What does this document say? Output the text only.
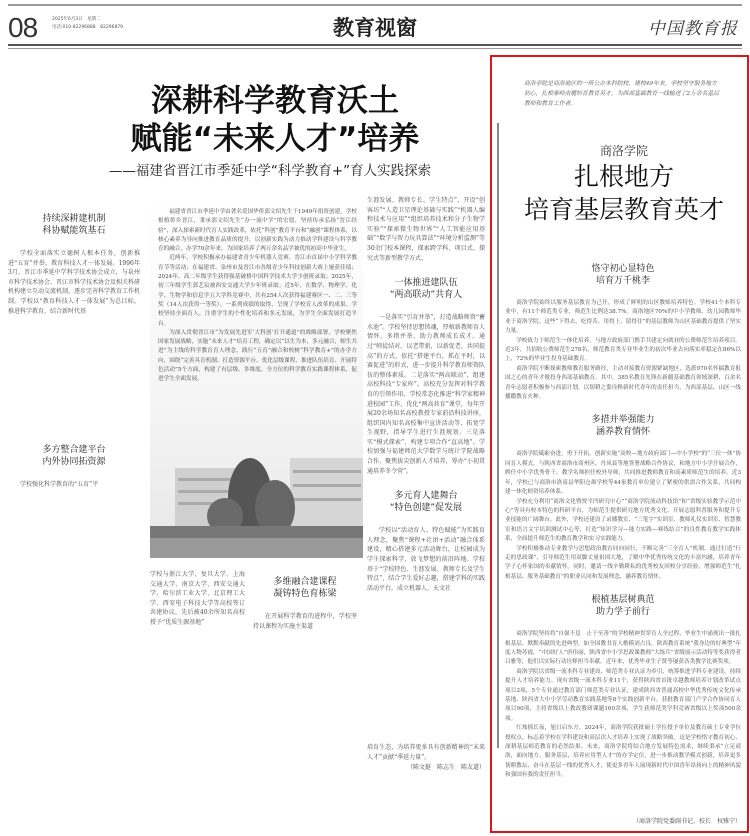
08	2025年6月3日　星期二
电话:010-82296888　82296879	教育视窗	中国教育报
深耕科学教育沃土
赋能“未来人才”培养
——福建省晋江市季延中学“科学教育+”育人实践探索
持续深耕建机制
科协赋能筑基石

学校全面落实立德树人根本任务，创新推进“五育”并举，教育科技人才一体发展。1996年3月，晋江市季延中学科学技术协会成立，与泉州市科学技术协会、晋江市科学技术协会及相关科研机构建立互动交流机制，逐步完善科学教育工作机制。学校以“教育科技人才一体发展”为总目标，推进科学教育，结合新时代基

多方整合建平台
内外协同拓资源

学校强化科学教育的“五育”平

福建省晋江市季延中学由著名爱国华侨郭文绍先生于1949年捐资创建。学校根植侨乡晋江，秉承郭文绍先生“办一流中学”的宏愿，坚持传承弘扬“晋江经验”，深入探索新时代育人实践改革，依托“科创”教育平台和“融创”课程体系，以核心素养为导向推进教育品质的提升，以创新实践为动力推动学科建设与科学教育的融合，办学70余年来，为国家培养了两万余名品学兼优的初高中毕业生。

近两年，学校积极承办福建省青少年机器人竞赛、晋江市首届中小学科学教育节等活动；在福建省、泉州市及晋江市各级青少年科技创新大赛上屡获佳绩；2024年，高二年级学生获得强基破格中国科学技术大学少创班录取；2025年，初三年级学生郭艺宸被西安交通大学少年班录取；近5年，在数学、物理学、化学、生物学和信息学五大学科竞赛中，共有254人次获得福建赛区一、二、三等奖（14人次获得一等奖）。一系列成绩的取得，呈现了学校育人改革的成果。学校坚持全面育人，注重学生的个性化培养和多元发展，为学生全面发展打造平台。

为深入贯彻晋江市“为发展先进军‘大科创’打开通道”的战略部署，学校聚焦国家发展战略，实施“未来人才”培育工程，确定以“以生为本，多元融合，师生共进”为主线的科学教育育人理念，践行“五育”融合和校树“科学教育+”的办学方向，围绕“完善具育机制、打造资源平台、优化层级课程、推进队伍培育、开展特色活动”5个方面，构建了有层级、多维度、全方位的科学教育实践课程体系，促进学生全面发展。

生涯发展、教师专长、学生特点”，开设“创客坊”“人造卫星理论基础与实践”“机器人编程技术与应用”“组织培养技术和分子生物学实验”“探索微生物世界”“人工智能应用基础”“数学与智力玩具算法”“环境分析监测”等30余门校本课程，探索跨学科、项目式、探究式等新型教学方式。

一体推进建队伍
“两高联动”共育人

一是落实“引育并举”，打造战略师资“蓄水池”。学校坚持思想铸魂，厚植新教师育人情怀，多措并举，助力教师成长成才。通过“师徒结对、以老带新，以新促老，共同提高”的方式，依托“搭建平台，抓在平时，以赛促进”的形式，进一步提升科学教育师资队伍的整体素质。二是落实“两高联动”，组建高校科技“专家库”。高校充分发挥对科学教育的引领作用，学校常态化推进“科学家精神进校园”工作，优化“两高共育”课堂，每年开展20余场知名高校教授专家前沿科技讲座，组织国内知名高校集中宣讲活动等，拓宽学生视野，指导学生进行生涯规划。三是落实“模式探索”，构建专项合作“直高地”。学校加强与福建师范大学数学与统计学院战略合作，聚焦拔尖创新人才培养，筹办“小初贯通培养冬令营”。

多元育人建舞台
“特色创建”促发展

学校以“活动育人、特色赋能”为实践育人理念，聚焦“课程+社团+活动”融合体系建设，精心搭建多元活动舞台，让校园成为学生探索科学、放飞梦想的前沿阵地。学校基于“学校特色、生涯发展、教师专长及学生特点”，结合学生爱好志趣，搭建学科的实践活动平台，成立机器人、天文社

培育生态，为培养更多具有创新精神的“未来人才”贡献“季延力量”。

（陈文挺　陈志生　陈友道）

学校与浙江大学、复旦大学、上海交通大学、南京大学、西安交通大学、哈尔滨工业大学、北京理工大学、西安电子科技大学等高校签订共建协议，先后被40余所知名高校授予“优质生源基地”

多维融合建课程
凝铸特色育栋梁

在开展科学教育的进程中，学校坚持以课程为实施主渠道

商洛学院是商洛地区的一所公办本科院校，建校49年来，学校坚守服务地方初心，扎根秦岭南麓培育教育英才，为西部基础教育一线输送了2万余名基层教师和教育工作者。
商洛学院
扎根地方
培育基层教育英才
恪守初心显特色
培育万千桃李

商洛学院始终以服务基层教育为己任，形成了鲜明的山区教师培养特色。学校41个本科专业中，有11个师范类专业，师范生比例达38.7%。商洛地区70%的中小学教师、幼儿园教师毕业于商洛学院。这些“下得去、吃得苦、用得上、留得住”的基层教师为山区基础教育提供了坚实力量。

学校致力于师范生一体化培养，与地方政府部门携手共建定向就业的公费师范生培养项目。近3年，共招收公费师范生278名，师范教育类专业毕业生的初次毕业去向落实率稳定在86%以上，72%的毕业生投身基础教育。

商洛学院不断探索教师教育服务路径，主动对接教育资源紧缺地区，选派970名怀揣教育报国之心的青年才俊投身西部基础教育。其中，385名教育先锋在新疆基础教育领域深耕，百余名青年志愿者积极参与西部计划，以韧耕之姿诠释新时代青年的责任担当，为西部基层、山区一线播撒教育火种。

多措并举强能力
涵养教育情怀

商洛学院砥砺奋进，勇于开拓，创新实施“高校—地方政府部门—中小学校”的“三位一体”协同育人模式，与陕西省商洛市商州区、丹凤县等地签署战略合作协议，和地方中小学开展合作，聘任中小学优秀骨干、教学名师担任校外导师，共同推进教师教育和高素质师范生的培养。近3年，学校已与商洛市洛南县华阳仓颉学校等44家教育单位建立了紧密的供需合作关系，共同构建一体化师资培养体系。

学校充分利用“商洛文化暨贾平凹研究中心”“商洛学院流动科技馆”和“省级实验教学示范中心”等具有校本特色的科研平台，为师范生提供研究地方优秀文化、开展志愿科普服务和提升专业技能的广阔舞台。此外，学校还建设了录播教室、“三笔字”实训室、教师礼仪实训室、智慧教室和语言文字培训测试中心等，打造“知识学习—能力实践—赛练结合”的良性教育教学实践体系，全面提升师范生的教育教学和实习实践能力。

学校积极推动专业教学与思想政治教育同向同行，不断完善“三全育人”机制，通过打造“行走的思政课”，引导师范生用双脚丈量祖国大地，了解中华优秀传统文化的丰富内涵，培养青年学子心怀家国的奉献情怀。同时，邀请一线辛勤耕耘的优秀校友回校分享经验，增强师范生“扎根基层、服务基础教育”的职业认同和发展理念，涵养教育情怀。

根植基层树典范
助力学子前行

商洛学院坚持将“自强不息　止于至善”的学校精神贯穿育人全过程，毕业生中涌现出一批扎根基层、默默奉献的先进典型，如全国教书育人楷模刘占良，陕西教育系统“我身边的好典型”年度人物苏霞，“中国好人”唐伟丽，陕西省中小学思政课教师“大练兵”省级展示活动特等奖获得者吕雅等，他们以实际行动诠释担当奉献。近年来，优秀毕业生子贤等屡获各类教学比赛奖项。

商洛学院以省级一流本科专业建设、师范类专业认证为牵引，统筹推进学科专业建设，持续提升人才培养能力。现有省级一流本科专业11个，获得陕西省首批卓越教师培养计划改革试点项目2项，5个专业通过教育部门师范类专业认证，建成陕西省普通高校中华优秀传统文化传承基地、陕西省大中小学劳动教育实践基地等8个实践创新平台，获批教育部门产学合作协同育人项目90项，主持省级以上教改教研课题160余项，学生获师范类学科竞赛省级以上奖项500余项。

红烛摇长夜，旭日启东方。2024年，商洛学院获批硕士学位授予单位及教育硕士专业学位授权点，标志着学校在学科建设和高层次人才培养上实现了战略突破。这是学校恪守教育初心、深耕基层师范教育的必然结果。未来，商洛学院将结合地方发展特色需求，继续秉承“立足商洛，面向地方，服务基层，培养应用型人才”的办学定位，进一步推动教学模式创新，培养更多韧耕教坛、奋斗在基层一线的优秀人才，使更多青年人展现新时代中国青年昂扬向上的精神风貌和强国有我的责任担当。

（商洛学院党委副书记、校长　权雅宁）
